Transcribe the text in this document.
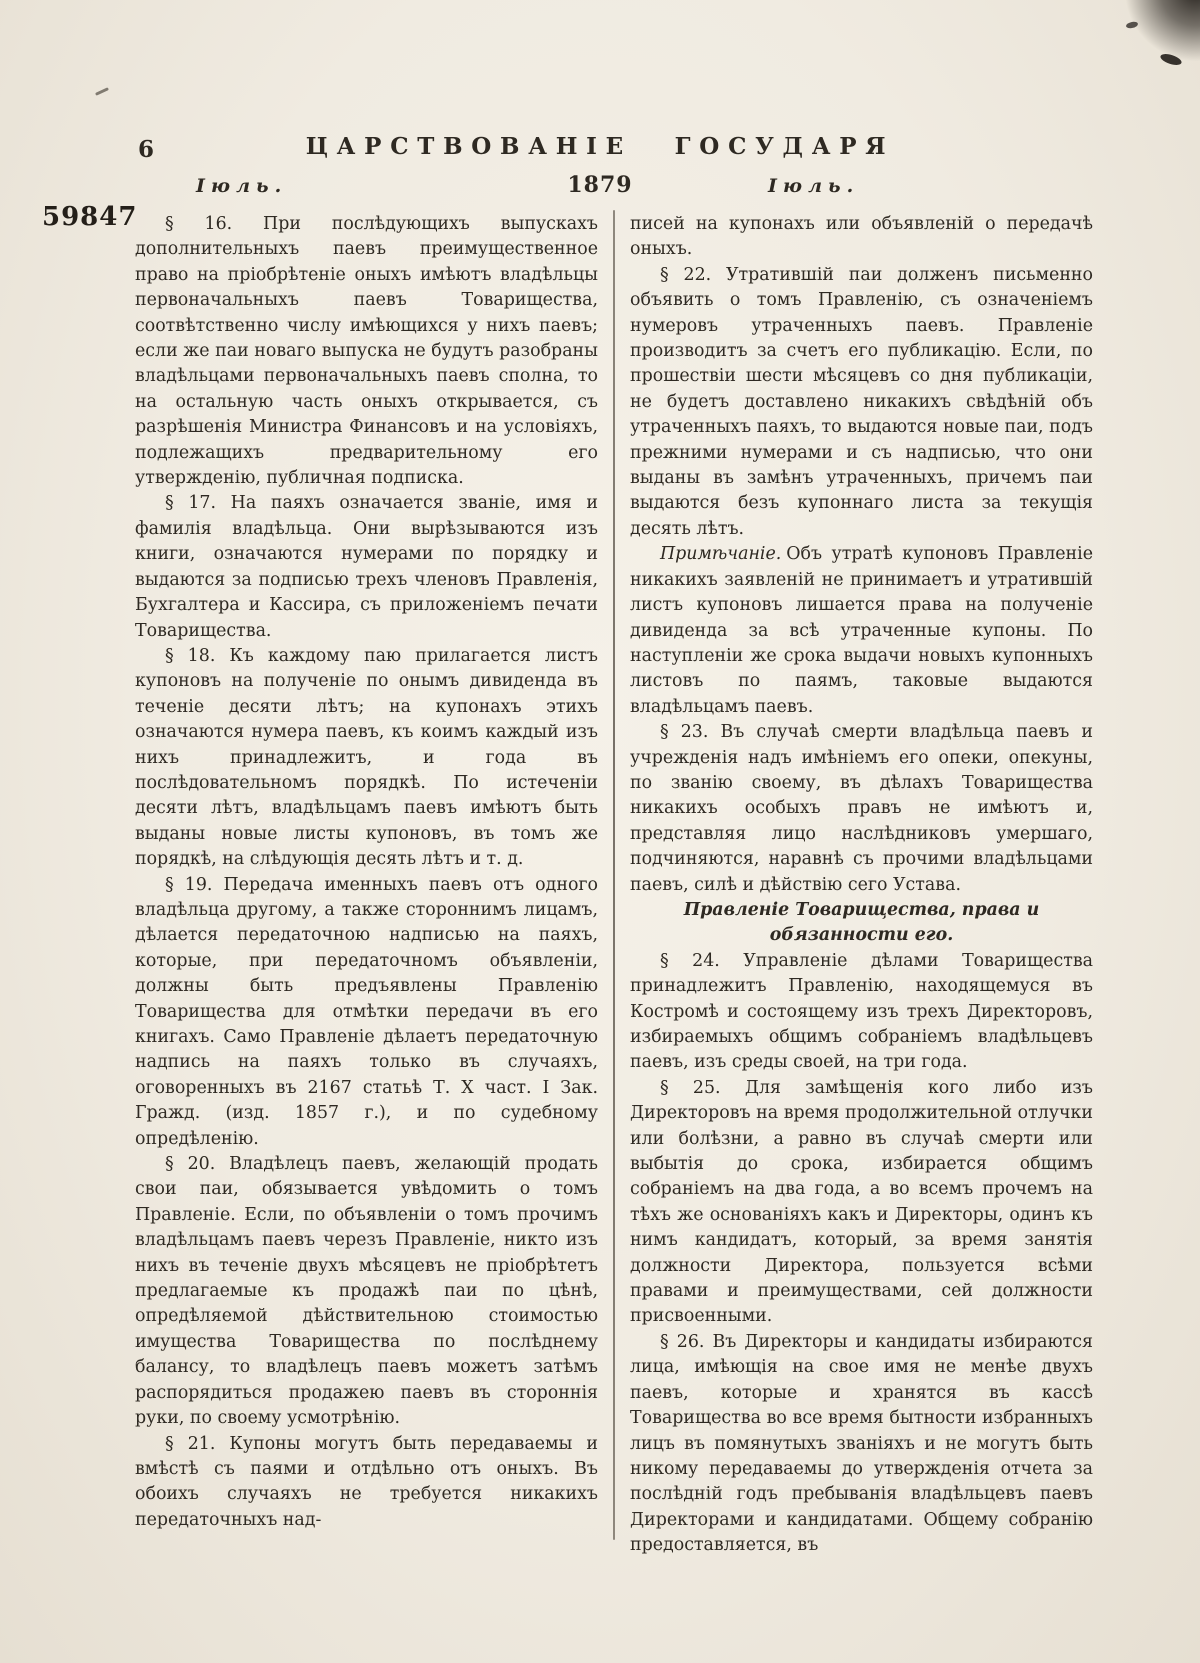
6	ЦАРСТВОВАНІЕ ГОСУДАРЯ
Іюль.	1879	Іюль.
59847	§ 16. При послѣдующихъ выпускахъ дополнительныхъ паевъ преимущественное право на пріобрѣтеніе оныхъ имѣютъ владѣльцы первоначальныхъ паевъ Товарищества, соотвѣтственно числу имѣющихся у нихъ паевъ; если же паи новаго выпуска не будутъ разобраны владѣльцами первоначальныхъ паевъ сполна, то на остальную часть оныхъ открывается, съ разрѣшенія Министра Финансовъ и на условіяхъ, подлежащихъ предварительному его утвержденію, публичная подписка.

§ 17. На паяхъ означается званіе, имя и фамилія владѣльца. Они вырѣзываются изъ книги, означаются нумерами по порядку и выдаются за подписью трехъ членовъ Правленія, Бухгалтера и Кассира, съ приложеніемъ печати Товарищества.

§ 18. Къ каждому паю прилагается листъ купоновъ на полученіе по онымъ дивиденда въ теченіе десяти лѣтъ; на купонахъ этихъ означаются нумера паевъ, къ коимъ каждый изъ нихъ принадлежитъ, и года въ послѣдовательномъ порядкѣ. По истеченіи десяти лѣтъ, владѣльцамъ паевъ имѣютъ быть выданы новые листы купоновъ, въ томъ же порядкѣ, на слѣдующія десять лѣтъ и т. д.

§ 19. Передача именныхъ паевъ отъ одного владѣльца другому, а также стороннимъ лицамъ, дѣлается передаточною надписью на паяхъ, которые, при передаточномъ объявленіи, должны быть предъявлены Правленію Товарищества для отмѣтки передачи въ его книгахъ. Само Правленіе дѣлаетъ передаточную надпись на паяхъ только въ случаяхъ, оговоренныхъ въ 2167 статьѣ Т. X част. I Зак. Гражд. (изд. 1857 г.), и по судебному опредѣленію.

§ 20. Владѣлецъ паевъ, желающій продать свои паи, обязывается увѣдомить о томъ Правленіе. Если, по объявленіи о томъ прочимъ владѣльцамъ паевъ черезъ Правленіе, никто изъ нихъ въ теченіе двухъ мѣсяцевъ не пріобрѣтетъ предлагаемые къ продажѣ паи по цѣнѣ, опредѣляемой дѣйствительною стоимостью имущества Товарищества по послѣднему балансу, то владѣлецъ паевъ можетъ затѣмъ распорядиться продажею паевъ въ стороннія руки, по своему усмотрѣнію.

§ 21. Купоны могутъ быть передаваемы и вмѣстѣ съ паями и отдѣльно отъ оныхъ. Въ обоихъ случаяхъ не требуется никакихъ передаточныхъ над-

писей на купонахъ или объявленій о передачѣ оныхъ.

§ 22. Утратившій паи долженъ письменно объявить о томъ Правленію, съ означеніемъ нумеровъ утраченныхъ паевъ. Правленіе производитъ за счетъ его публикацію. Если, по прошествіи шести мѣсяцевъ со дня публикаціи, не будетъ доставлено никакихъ свѣдѣній объ утраченныхъ паяхъ, то выдаются новые паи, подъ прежними нумерами и съ надписью, что они выданы въ замѣнъ утраченныхъ, причемъ паи выдаются безъ купоннаго листа за текущія десять лѣтъ.

Примѣчаніе. Объ утратѣ купоновъ Правленіе никакихъ заявленій не принимаетъ и утратившій листъ купоновъ лишается права на полученіе дивиденда за всѣ утраченные купоны. По наступленіи же срока выдачи новыхъ купонныхъ листовъ по паямъ, таковые выдаются владѣльцамъ паевъ.

§ 23. Въ случаѣ смерти владѣльца паевъ и учрежденія надъ имѣніемъ его опеки, опекуны, по званію своему, въ дѣлахъ Товарищества никакихъ особыхъ правъ не имѣютъ и, представляя лицо наслѣдниковъ умершаго, подчиняются, наравнѣ съ прочими владѣльцами паевъ, силѣ и дѣйствію сего Устава.

Правленіе Товарищества, права и обязанности его.

§ 24. Управленіе дѣлами Товарищества принадлежитъ Правленію, находящемуся въ Костромѣ и состоящему изъ трехъ Директоровъ, избираемыхъ общимъ собраніемъ владѣльцевъ паевъ, изъ среды своей, на три года.

§ 25. Для замѣщенія кого либо изъ Директоровъ на время продолжительной отлучки или болѣзни, а равно въ случаѣ смерти или выбытія до срока, избирается общимъ собраніемъ на два года, а во всемъ прочемъ на тѣхъ же основаніяхъ какъ и Директоры, одинъ къ нимъ кандидатъ, который, за время занятія должности Директора, пользуется всѣми правами и преимуществами, сей должности присвоенными.

§ 26. Въ Директоры и кандидаты избираются лица, имѣющія на свое имя не менѣе двухъ паевъ, которые и хранятся въ кассѣ Товарищества во все время бытности избранныхъ лицъ въ помянутыхъ званіяхъ и не могутъ быть никому передаваемы до утвержденія отчета за послѣдній годъ пребыванія владѣльцевъ паевъ Директорами и кандидатами. Общему собранію предоставляется, въ
